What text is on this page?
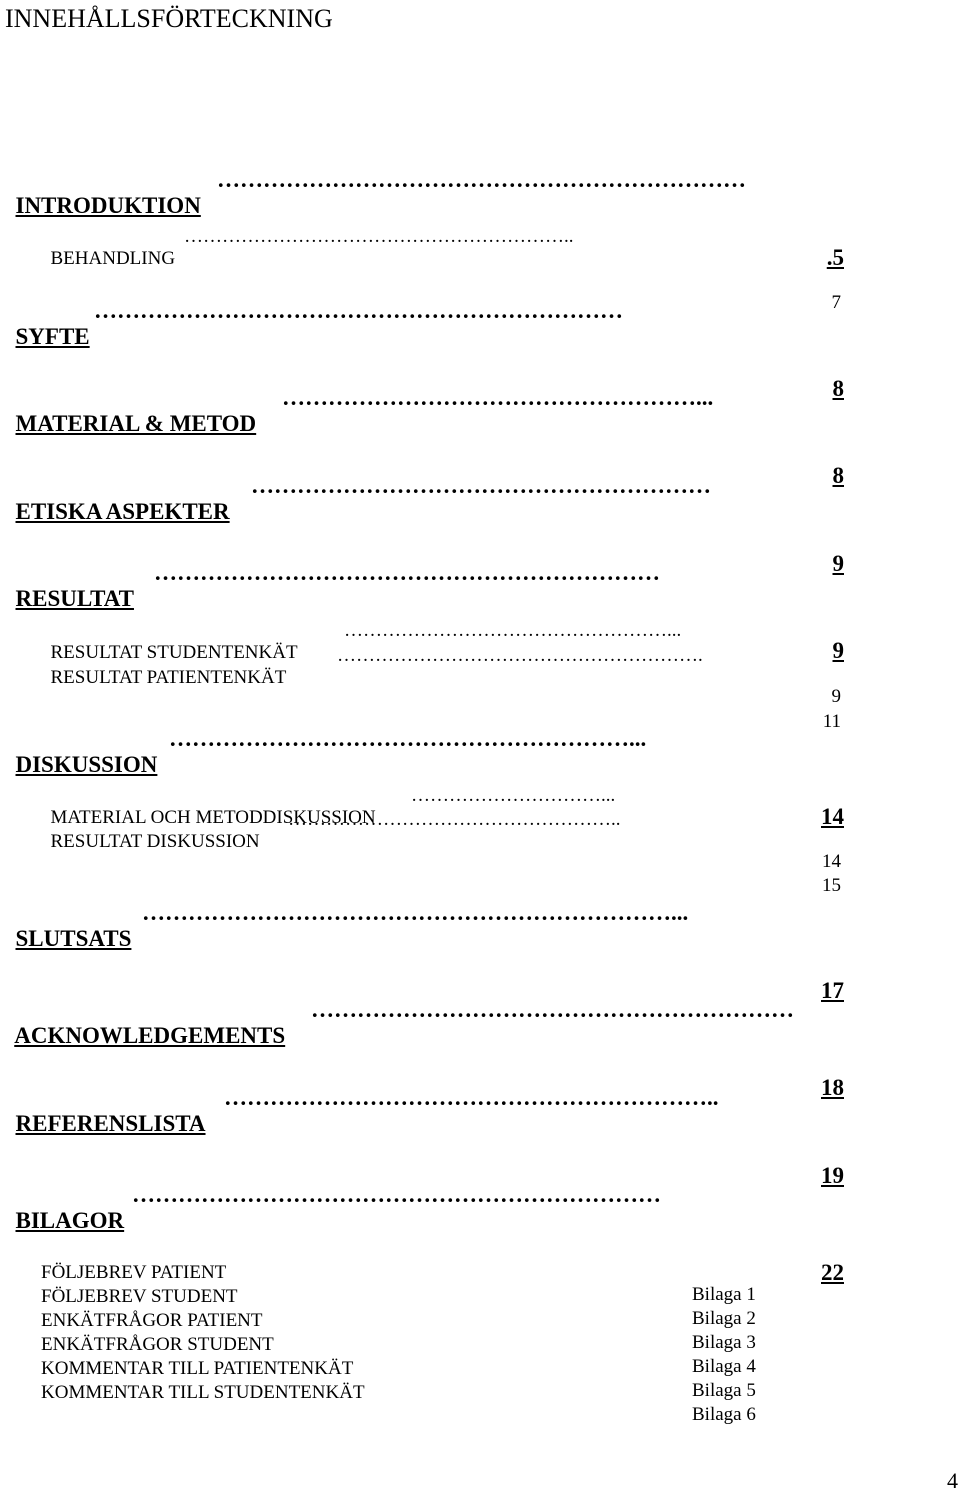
INNEHÅLLSFÖRTECKNING

INTRODUKTION

……………………………………………………………

.5

BEHANDLING

……………………………………………………..

7

SYFTE

……………………………………………………………

8

MATERIAL & METOD

………………………………………………...

8

ETISKA ASPEKTER

……………………………………………………

9

RESULTAT

…………………………………………………………

9

RESULTAT STUDENTENKÄT

……………………………………………...

9

RESULTAT PATIENTENKÄT

………………………………………………….

11

DISKUSSION

……………………………………………………...

14

MATERIAL OCH METODDISKUSSION

…………………………...

14

RESULTAT DISKUSSION

……………………………………………..

15

SLUTSATS

……………………………………………………………...

17

ACKNOWLEDGEMENTS

………………………………………………………

18

REFERENSLISTA

………………………………………………………..

19

BILAGOR

……………………………………………………………

22

FÖLJEBREV PATIENT

Bilaga 1

FÖLJEBREV STUDENT

Bilaga 2

ENKÄTFRÅGOR PATIENT

Bilaga 3

ENKÄTFRÅGOR STUDENT

Bilaga 4

KOMMENTAR TILL PATIENTENKÄT

Bilaga 5

KOMMENTAR TILL STUDENTENKÄT

Bilaga 6

4
